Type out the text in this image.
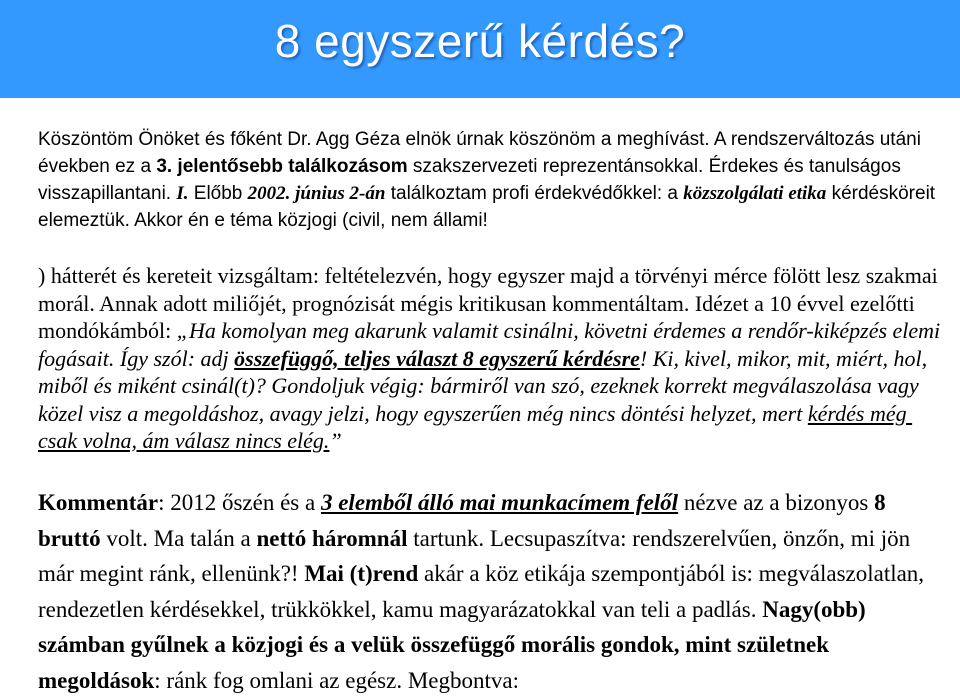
8 egyszerű kérdés?
Köszöntöm Önöket és főként Dr. Agg Géza elnök úrnak köszönöm a meghívást. A rendszerváltozás utáni években ez a 3. jelentősebb találkozásom szakszervezeti reprezentánsokkal. Érdekes és tanulságos visszapillantani. I. Előbb 2002. június 2-án találkoztam profi érdekvédőkkel: a közszolgálati etika kérdésköreit elemeztük. Akkor én e téma közjogi (civil, nem állami!
) hátterét és kereteit vizsgáltam: feltételezvén, hogy egyszer majd a törvényi mérce fölött lesz szakmai morál. Annak adott miliőjét, prognózisát mégis kritikusan kommentáltam. Idézet a 10 évvel ezelőtti mondókámból: „Ha komolyan meg akarunk valamit csinálni, követni érdemes a rendőr-kiképzés elemi fogásait. Így szól: adj összefüggő, teljes választ 8 egyszerű kérdésre! Ki, kivel, mikor, mit, miért, hol, miből és miként csinál(t)? Gondoljuk végig: bármiről van szó, ezeknek korrekt megválaszolása vagy közel visz a megoldáshoz, avagy jelzi, hogy egyszerűen még nincs döntési helyzet, mert kérdés még csak volna, ám válasz nincs elég.”
Kommentár: 2012 őszén és a 3 elemből álló mai munkacímem felől nézve az a bizonyos 8 bruttó volt. Ma talán a nettó háromnál tartunk. Lecsupaszítva: rendszerelvűen, önzőn, mi jön már megint ránk, ellenünk?! Mai (t)rend akár a köz etikája szempontjából is: megválaszolatlan, rendezetlen kérdésekkel, trükkökkel, kamu magyarázatokkal van teli a padlás. Nagy(obb) számban gyűlnek a közjogi és a velük összefüggő morális gondok, mint születnek megoldások: ránk fog omlani az egész. Megbontva:
